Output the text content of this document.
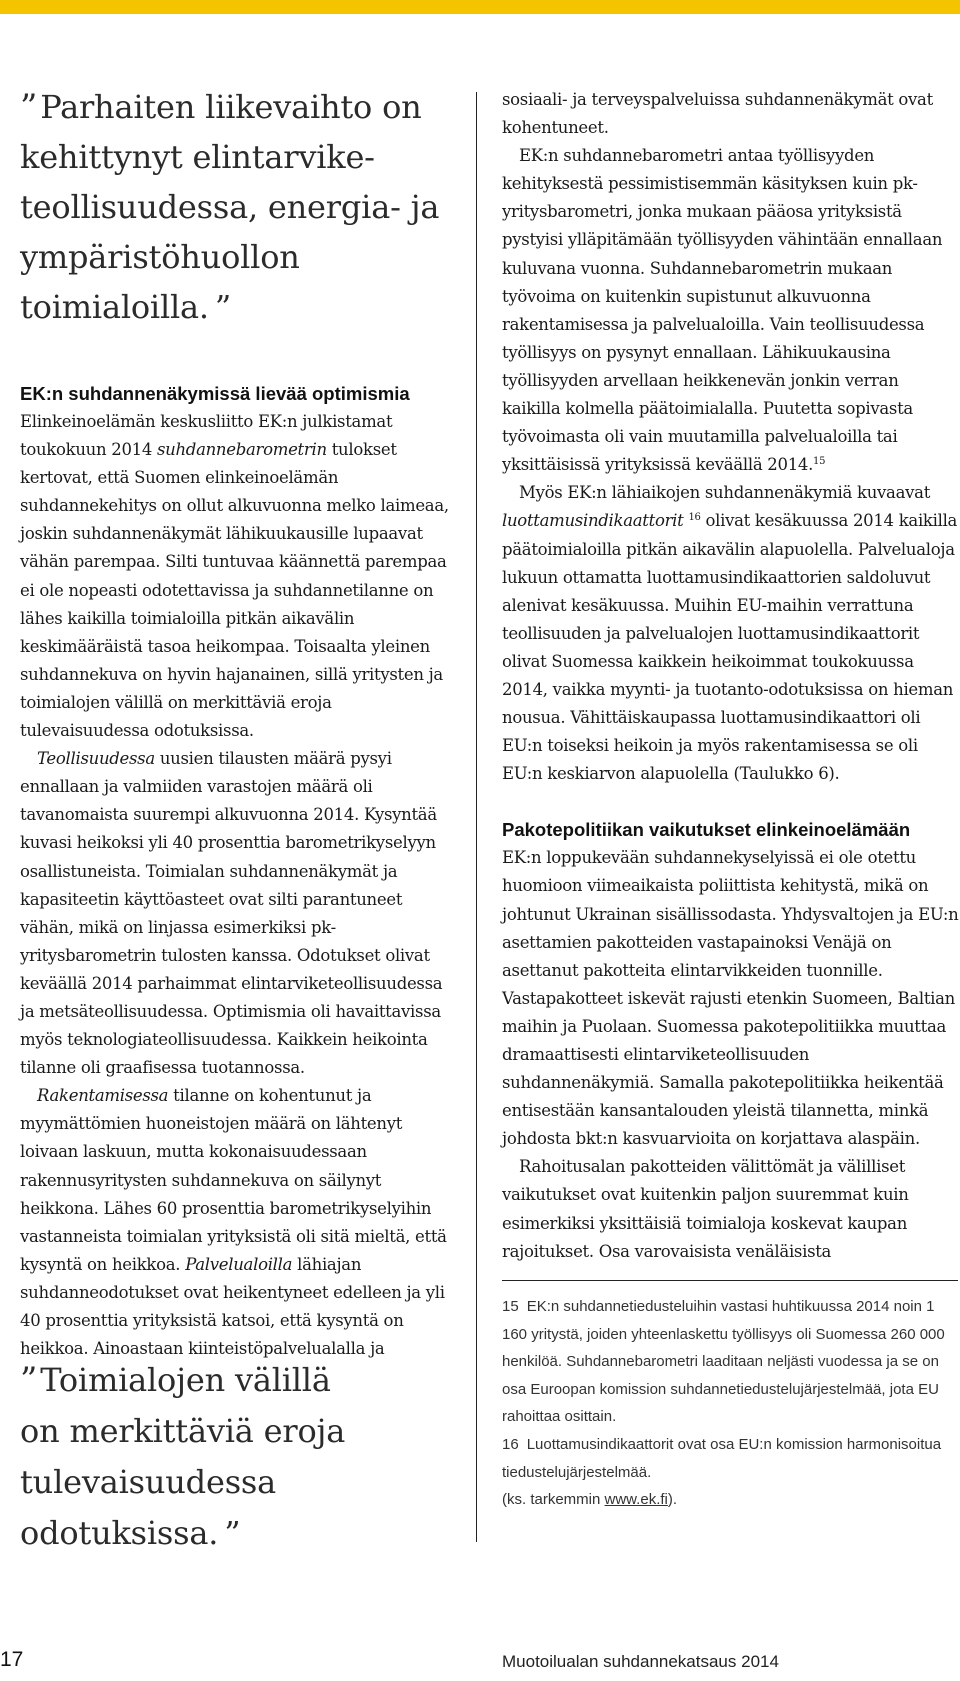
”Parhaiten liikevaihto on
kehittynyt elintarvike-
teollisuudessa, energia- ja
ympäristöhuollon
toimialoilla. ”
EK:n suhdannenäkymissä lievää optimismia

Elinkeinoelämän keskusliitto EK:n julkistamat toukokuun 2014 suhdannebarometrin tulokset kertovat, että Suomen elinkeinoelämän suhdannekehitys on ollut alkuvuonna melko laimeaa, joskin suhdannenäkymät lähikuukausille lupaavat vähän parempaa. Silti tuntuvaa käännettä parempaa ei ole nopeasti odotettavissa ja suhdannetilanne on lähes kaikilla toimialoilla pitkän aikavälin keskimääräistä tasoa heikompaa. Toisaalta yleinen suhdannekuva on hyvin hajanainen, sillä yritysten ja toimialojen välillä on merkittäviä eroja tulevaisuudessa odotuksissa.

Teollisuudessa uusien tilausten määrä pysyi ennallaan ja valmiiden varastojen määrä oli tavanomaista suurempi alkuvuonna 2014. Kysyntää kuvasi heikoksi yli 40 prosenttia barometrikyselyyn osallistuneista. Toimialan suhdannenäkymät ja kapasiteetin käyttöasteet ovat silti parantuneet vähän, mikä on linjassa esimerkiksi pk-yritysbarometrin tulosten kanssa. Odotukset olivat keväällä 2014 parhaimmat elintarviketeollisuudessa ja metsäteollisuudessa. Optimismia oli havaittavissa myös teknologiateollisuudessa. Kaikkein heikointa tilanne oli graafisessa tuotannossa.

Rakentamisessa tilanne on kohentunut ja myymättömien huoneistojen määrä on lähtenyt loivaan laskuun, mutta kokonaisuudessaan rakennusyritysten suhdannekuva on säilynyt heikkona. Lähes 60 prosenttia barometrikyselyihin vastanneista toimialan yrityksistä oli sitä mieltä, että kysyntä on heikkoa. Palvelualoilla lähiajan suhdanneodotukset ovat heikentyneet edelleen ja yli 40 prosenttia yrityksistä katsoi, että kysyntä on heikkoa. Ainoastaan kiinteistöpalvelualalla ja

”Toimialojen välillä
on merkittäviä eroja
tulevaisuudessa
odotuksissa. ”

sosiaali- ja terveyspalveluissa suhdannenäkymät ovat kohentuneet.

EK:n suhdannebarometri antaa työllisyyden kehityksestä pessimistisemmän käsityksen kuin pk-yritysbarometri, jonka mukaan pääosa yrityksistä pystyisi ylläpitämään työllisyyden vähintään ennallaan kuluvana vuonna. Suhdannebarometrin mukaan työvoima on kuitenkin supistunut alkuvuonna rakentamisessa ja palvelualoilla. Vain teollisuudessa työllisyys on pysynyt ennallaan. Lähikuukausina työllisyyden arvellaan heikkenevän jonkin verran kaikilla kolmella päätoimialalla. Puutetta sopivasta työvoimasta oli vain muutamilla palvelualoilla tai yksittäisissä yrityksissä keväällä 2014.15

Myös EK:n lähiaikojen suhdannenäkymiä kuvaavat luottamusindikaattorit $^{16}$ olivat kesäkuussa 2014 kaikilla päätoimialoilla pitkän aikavälin alapuolella. Palvelualoja lukuun ottamatta luottamusindikaattorien saldoluvut alenivat kesäkuussa. Muihin EU-maihin verrattuna teollisuuden ja palvelualojen luottamusindikaattorit olivat Suomessa kaikkein heikoimmat toukokuussa 2014, vaikka myynti- ja tuotanto-odotuksissa on hieman nousua. Vähittäiskaupassa luottamusindikaattori oli EU:n toiseksi heikoin ja myös rakentamisessa se oli EU:n keskiarvon alapuolella (Taulukko 6).

Pakotepolitiikan vaikutukset elinkeinoelämään

EK:n loppukevään suhdannekyselyissä ei ole otettu huomioon viimeaikaista poliittista kehitystä, mikä on johtunut Ukrainan sisällissodasta. Yhdysvaltojen ja EU:n asettamien pakotteiden vastapainoksi Venäjä on asettanut pakotteita elintarvikkeiden tuonnille. Vastapakotteet iskevät rajusti etenkin Suomeen, Baltian maihin ja Puolaan. Suomessa pakotepolitiikka muuttaa dramaattisesti elintarviketeollisuuden suhdannenäkymiä. Samalla pakotepolitiikka heikentää entisestään kansantalouden yleistä tilannetta, minkä johdosta bkt:n kasvuarvioita on korjattava alaspäin.

Rahoitusalan pakotteiden välittömät ja välilliset vaikutukset ovat kuitenkin paljon suuremmat kuin esimerkiksi yksittäisiä toimialoja koskevat kaupan rajoitukset. Osa varovaisista venäläisista

15 EK:n suhdannetiedusteluihin vastasi huhtikuussa 2014 noin 1 160 yritystä, joiden yhteenlaskettu työllisyys oli Suomessa 260 000 henkilöä. Suhdannebarometri laaditaan neljästi vuodessa ja se on osa Euroopan komission suhdannetiedustelujärjestelmää, jota EU rahoittaa osittain.

16 Luottamusindikaattorit ovat osa EU:n komission harmonisoitua tiedustelujärjestelmää.
(ks. tarkemmin www.ek.fi).

17	Muotoilualan suhdannekatsaus 2014
